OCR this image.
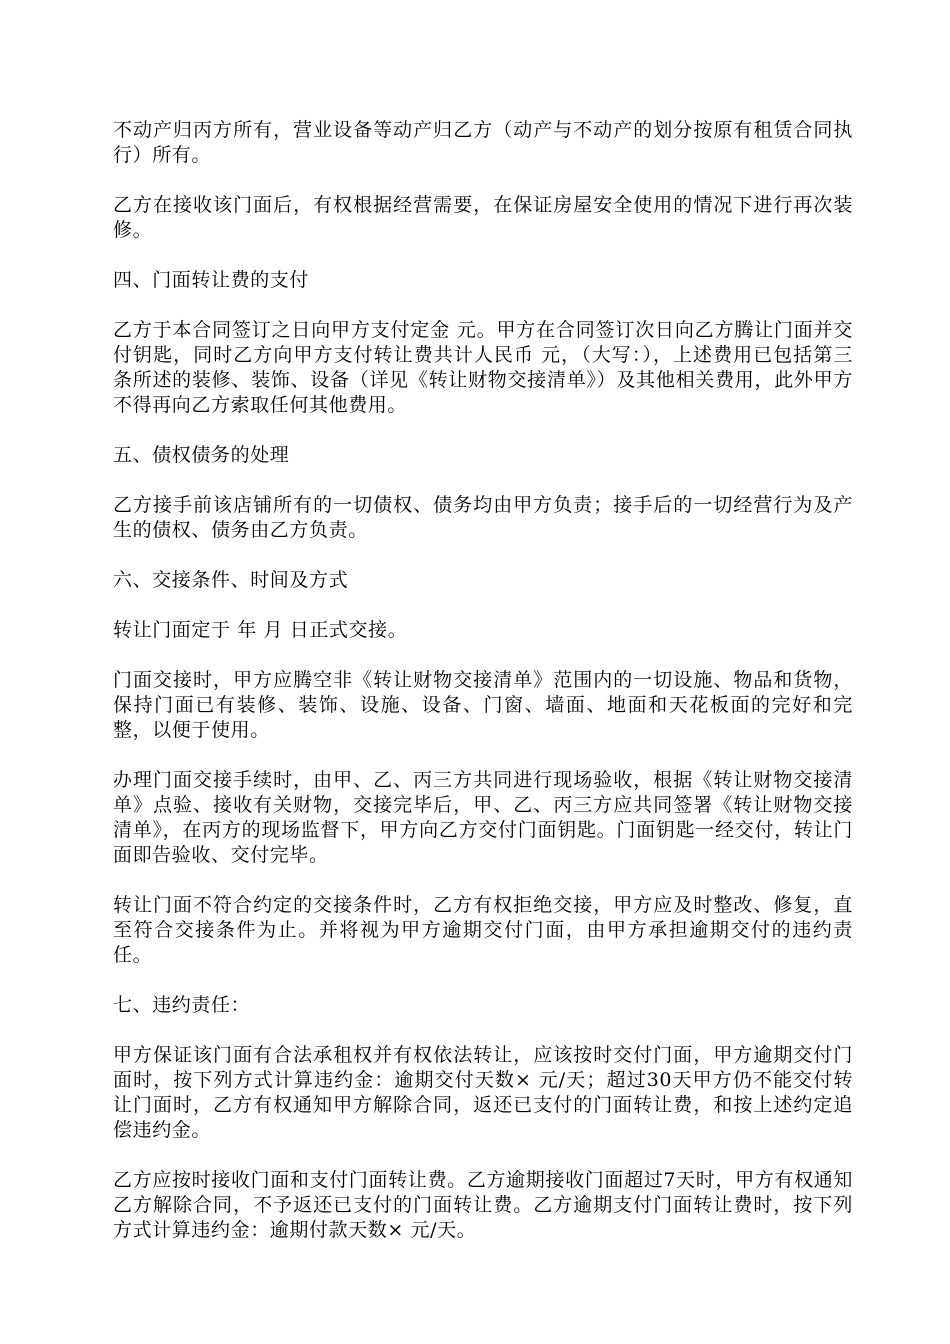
不动产归丙方所有，营业设备等动产归乙方（动产与不动产的划分按原有租赁合同执行）所有。

乙方在接收该门面后，有权根据经营需要，在保证房屋安全使用的情况下进行再次装修。

四、门面转让费的支付

乙方于本合同签订之日向甲方支付定金 元。甲方在合同签订次日向乙方腾让门面并交付钥匙，同时乙方向甲方支付转让费共计人民币 元，（大写：），上述费用已包括第三条所述的装修、装饰、设备（详见《转让财物交接清单》）及其他相关费用，此外甲方不得再向乙方索取任何其他费用。

五、债权债务的处理

乙方接手前该店铺所有的一切债权、债务均由甲方负责；接手后的一切经营行为及产生的债权、债务由乙方负责。

六、交接条件、时间及方式

转让门面定于 年 月 日正式交接。

门面交接时，甲方应腾空非《转让财物交接清单》范围内的一切设施、物品和货物，保持门面已有装修、装饰、设施、设备、门窗、墙面、地面和天花板面的完好和完整，以便于使用。

办理门面交接手续时，由甲、乙、丙三方共同进行现场验收，根据《转让财物交接清单》点验、接收有关财物，交接完毕后，甲、乙、丙三方应共同签署《转让财物交接清单》，在丙方的现场监督下，甲方向乙方交付门面钥匙。门面钥匙一经交付，转让门面即告验收、交付完毕。

转让门面不符合约定的交接条件时，乙方有权拒绝交接，甲方应及时整改、修复，直至符合交接条件为止。并将视为甲方逾期交付门面，由甲方承担逾期交付的违约责任。

七、违约责任：

甲方保证该门面有合法承租权并有权依法转让，应该按时交付门面，甲方逾期交付门面时，按下列方式计算违约金：逾期交付天数× 元/天；超过30天甲方仍不能交付转让门面时，乙方有权通知甲方解除合同，返还已支付的门面转让费，和按上述约定追偿违约金。

乙方应按时接收门面和支付门面转让费。乙方逾期接收门面超过7天时，甲方有权通知乙方解除合同，不予返还已支付的门面转让费。乙方逾期支付门面转让费时，按下列方式计算违约金：逾期付款天数× 元/天。
